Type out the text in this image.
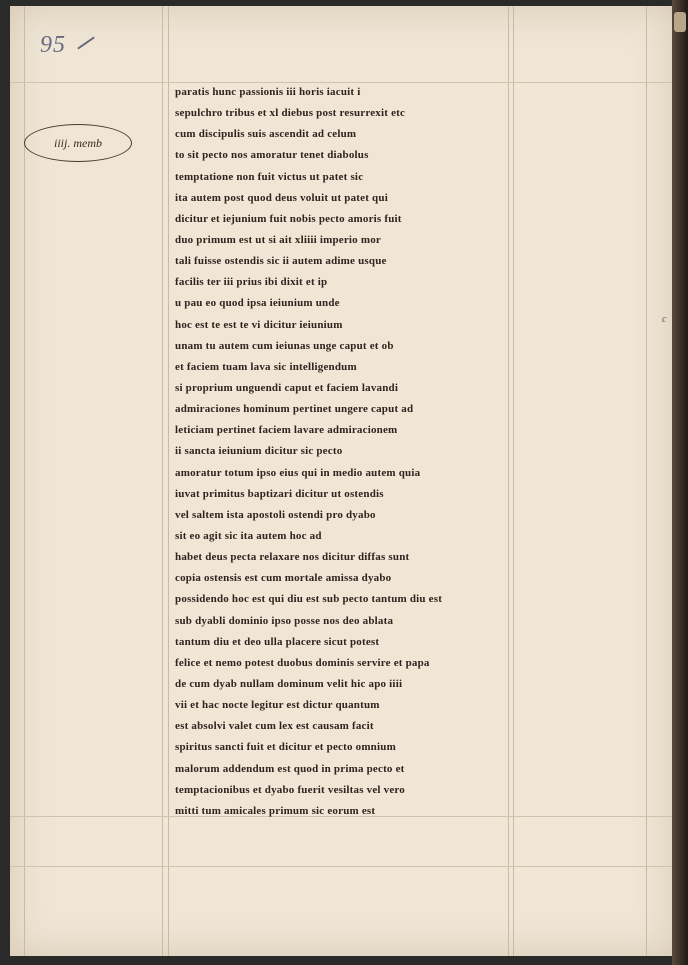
95
iiij. memb
c
paratis hunc passionis iii horis iacuit i
sepulchro tribus et xl diebus post resurrexit etc
cum discipulis suis ascendit ad celum
to sit pecto nos amoratur tenet diabolus
temptatione non fuit victus ut patet sic
ita autem post quod deus voluit ut patet qui
dicitur et iejunium fuit nobis pecto amoris fuit
duo primum est ut si ait xliiii imperio mor
tali fuisse ostendis sic ii autem adime usque
facilis ter iii prius ibi dixit et ip
u pau eo quod ipsa ieiunium unde
hoc est te est te vi dicitur ieiunium
unam tu autem cum ieiunas unge caput et ob
et faciem tuam lava sic intelligendum
si proprium unguendi caput et faciem lavandi
admiraciones hominum pertinet ungere caput ad
leticiam pertinet faciem lavare admiracionem
ii sancta ieiunium dicitur sic pecto
amoratur totum ipso eius qui in medio autem quia
iuvat primitus baptizari dicitur ut ostendis
vel saltem ista apostoli ostendi pro dyabo
sit eo agit sic ita autem hoc ad
habet deus pecta relaxare nos dicitur diffas sunt
copia ostensis est cum mortale amissa dyabo
possidendo hoc est qui diu est sub pecto tantum diu est
sub dyabli dominio ipso posse nos deo ablata
tantum diu et deo ulla placere sicut potest
felice et nemo potest duobus dominis servire et papa
de cum dyab nullam dominum velit hic apo iiii
vii et hac nocte legitur est dictur quantum
est absolvi valet cum lex est causam facit
spiritus sancti fuit et dicitur et pecto omnium
malorum addendum est quod in prima pecto et
temptacionibus et dyabo fuerit vesiltas vel vero
mitti tum amicales primum sic eorum est
